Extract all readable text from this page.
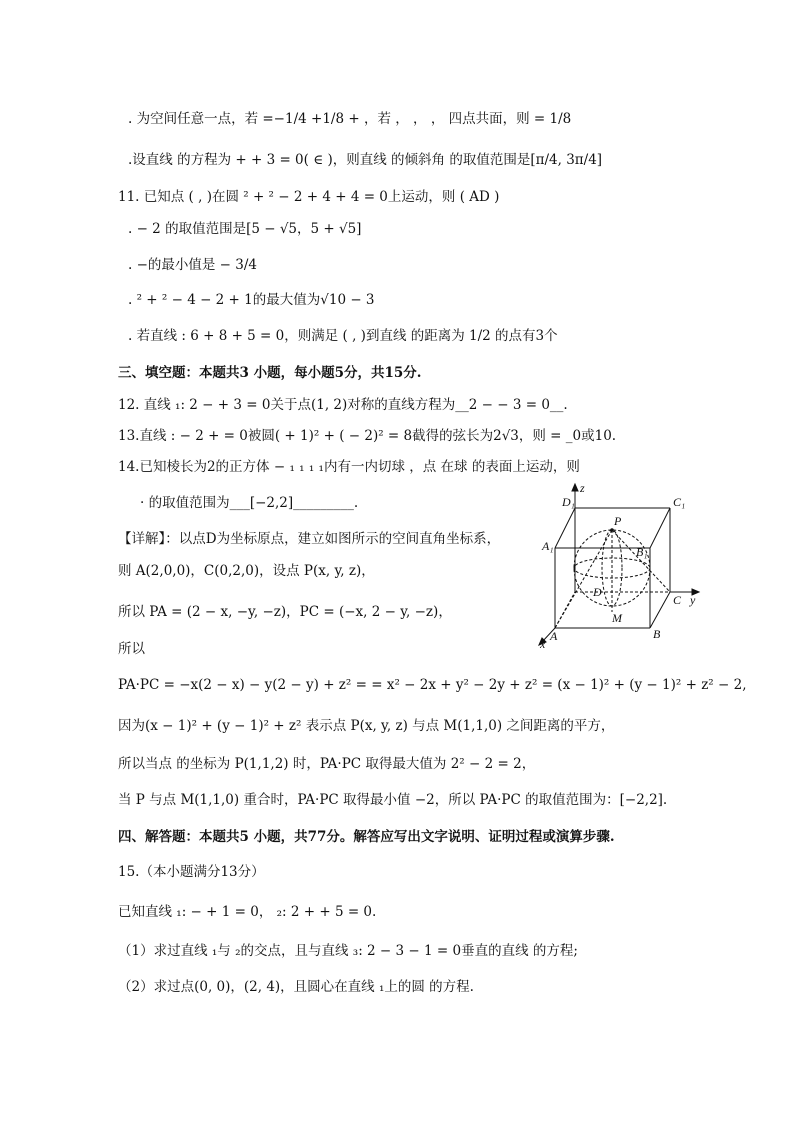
. 为空间任意一点，若 =−1/4 +1/8 + ，若 ， ， ， 四点共面，则 = 1/8
.设直线 的方程为 + + 3 = 0( ∈ )，则直线 的倾斜角 的取值范围是[π/4, 3π/4]
11. 已知点 ( , )在圆 ² + ² − 2 + 4 + 4 = 0上运动，则 ( AD )
. − 2 的取值范围是[5 − √5，5 + √5]
. −的最小值是 − 3/4
. ² + ² − 4 − 2 + 1的最大值为√10 − 3
. 若直线 : 6 + 8 + 5 = 0，则满足 ( , )到直线 的距离为 1/2 的点有3个
三、填空题：本题共3 小题，每小题5分，共15分.
12. 直线 ₁: 2 − + 3 = 0关于点(1, 2)对称的直线方程为__2 − − 3 = 0__.
13.直线 : − 2 + = 0被圆( + 1)² + ( − 2)² = 8截得的弦长为2√3，则 = _0或10.
14.已知棱长为2的正方体 − ₁ ₁ ₁ ₁内有一内切球 ，点 在球 的表面上运动，则
· 的取值范围为___[−2,2]_________.
【详解】：以点D为坐标原点，建立如图所示的空间直角坐标系，
则 A(2,0,0)，C(0,2,0)，设点 P(x, y, z)，
所以 PA = (2 − x, −y, −z)，PC = (−x, 2 − y, −z)，
所以
PA·PC = −x(2 − x) − y(2 − y) + z² = = x² − 2x + y² − 2y + z² = (x − 1)² + (y − 1)² + z² − 2,
因为(x − 1)² + (y − 1)² + z² 表示点 P(x, y, z) 与点 M(1,1,0) 之间距离的平方，
所以当点 的坐标为 P(1,1,2) 时，PA·PC 取得最大值为 2² − 2 = 2，
当 P 与点 M(1,1,0) 重合时，PA·PC 取得最小值 −2，所以 PA·PC 的取值范围为：[−2,2].
四、解答题：本题共5 小题，共77分。解答应写出文字说明、证明过程或演算步骤.
15.（本小题满分13分）
已知直线 ₁: − + 1 = 0， ₂: 2 + + 5 = 0.
（1）求过直线 ₁与 ₂的交点，且与直线 ₃: 2 − 3 − 1 = 0垂直的直线 的方程;
（2）求过点(0, 0)，(2, 4)，且圆心在直线 ₁上的圆 的方程.
D₁	C₁
A₁	B₁
P
D
C y
z
M
B
A
x
